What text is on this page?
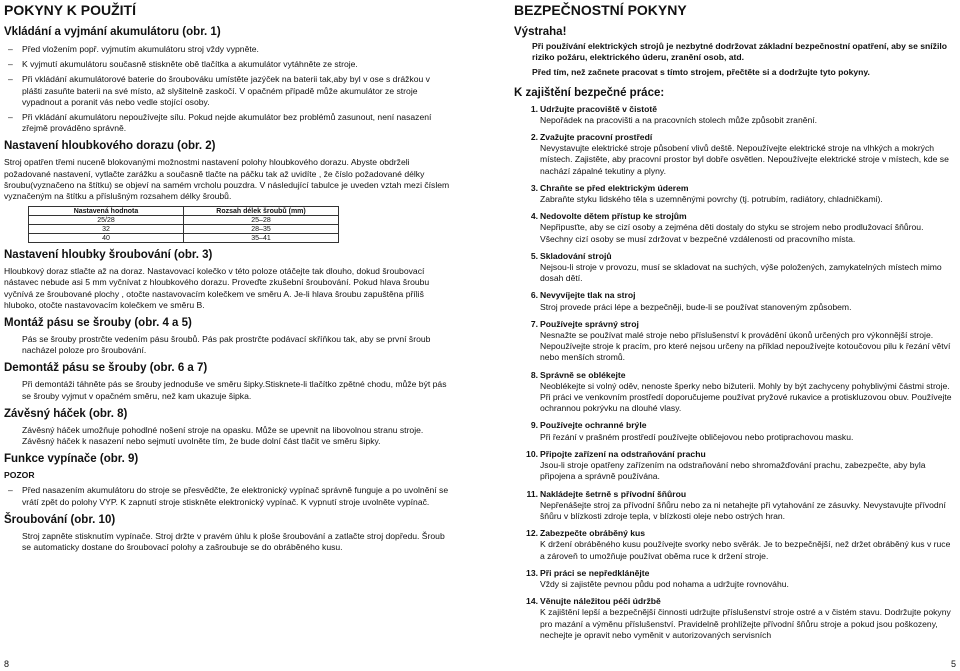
POKYNY K POUŽITÍ
Vkládání a vyjmání akumulátoru (obr. 1)
– Před vložením popř. vyjmutím akumulátoru stroj vždy vypněte.
– K vyjmutí akumulátoru současně stiskněte obě tlačítka a akumulátor vytáhněte ze stroje.
– Při vkládání akumulátorové baterie do šroubováku umístěte jazýček na baterii tak,aby byl v ose s drážkou v plášti zasuňte baterii na své místo, až slyšitelně zaskočí. V opačném případě může akumulátor ze stroje vypadnout a poranit vás nebo vedle stojící osoby.
– Při vkládání akumulátoru nepoužívejte sílu. Pokud nejde akumulátor bez problémů zasunout, není nasazení zřejmě prováděno správně.
Nastavení hloubkového dorazu (obr. 2)
Stroj opatřen třemi nuceně blokovanými možnostmi nastavení polohy hloubkového dorazu. Abyste obdrželi požadované nastavení, vytlačte zarážku a současně tlačte na páčku tak až uvidíte , že číslo požadované délky šroubu(vyznačeno na štítku) se objeví na samém vrcholu pouzdra. V následující tabulce je uveden vztah mezi číslem vyznačeným na štítku a příslušným rozsahem délky šroubů.
Nastavená hodnota	Rozsah délek šroubů (mm)
25/28	25–28
32	28–35
40	35–41
Nastavení hloubky šroubování (obr. 3)
Hloubkový doraz stlačte až na doraz. Nastavovací kolečko v této poloze otáčejte tak dlouho, dokud šroubovací nástavec nebude asi 5 mm vyčnívat z hloubkového dorazu. Proveďte zkušební šroubování. Pokud hlava šroubu vyčnívá ze šroubované plochy , otočte nastavovacím kolečkem ve směru A. Je-li hlava šroubu zapuštěna příliš hluboko, otočte nastavovacím kolečkem ve směru B.
Montáž pásu se šrouby (obr. 4 a 5)
Pás se šrouby prostrčte vedením pásu šroubů. Pás pak prostrčte podávací skříňkou tak, aby se první šroub nacházel poloze pro šroubování.
Demontáž pásu se šrouby (obr. 6 a 7)
Při demontáži táhněte pás se šrouby jednoduše ve směru šipky.Stisknete-li tlačítko zpětné chodu, může být pás se šrouby vyjmut v opačném směru, než kam ukazuje šipka.
Závěsný háček (obr. 8)
Závěsný háček umožňuje pohodlné nošení stroje na opasku. Může se upevnit na libovolnou stranu stroje. Závěsný háček k nasazení nebo sejmutí uvolněte tím, že bude dolní část tlačit ve směru šipky.
Funkce vypínače (obr. 9)
POZOR
– Před nasazením akumulátoru do stroje se přesvědčte, že elektronický vypínač správně funguje a po uvolnění se vrátí zpět do polohy VYP. K zapnutí stroje stiskněte elektronický vypínač. K vypnutí stroje uvolněte vypínač.
Šroubování (obr. 10)
Stroj zapněte stisknutím vypínače. Stroj držte v pravém úhlu k ploše šroubování a zatlačte stroj dopředu. Šroub se automaticky dostane do šroubovací polohy a zašroubuje se do obráběného kusu.
BEZPEČNOSTNÍ POKYNY
Výstraha!
Při používání elektrických strojů je nezbytné dodržovat základní bezpečnostní opatření, aby se snížilo riziko požáru, elektrického úderu, zranění osob, atd.
Před tím, než začnete pracovat s tímto strojem, přečtěte si a dodržujte tyto pokyny.
K zajištění bezpečné práce:
1. Udržujte pracoviště v čistotě
Nepořádek na pracovišti a na pracovních stolech může způsobit zranění.
2. Zvažujte pracovní prostředí
Nevystavujte elektrické stroje působení vlivů deště. Nepoužívejte elektrické stroje na vlhkých a mokrých místech. Zajistěte, aby pracovní prostor byl dobře osvětlen. Nepoužívejte elektrické stroje v místech, kde se nachází zápalné tekutiny a plyny.
3. Chraňte se před elektrickým úderem
Zabraňte styku lidského těla s uzemněnými povrchy (tj. potrubím, radiátory, chladničkami).
4. Nedovolte dětem přístup ke strojům
Nepřipusťte, aby se cizí osoby a zejména děti dostaly do styku se strojem nebo prodlužovací šňůrou. Všechny cizí osoby se musí zdržovat v bezpečné vzdálenosti od pracovního místa.
5. Skladování strojů
Nejsou-li stroje v provozu, musí se skladovat na suchých, výše položených, zamykatelných místech mimo dosah dětí.
6. Nevyvíjejte tlak na stroj
Stroj provede práci lépe a bezpečněji, bude-li se používat stanoveným způsobem.
7. Používejte správný stroj
Nesnažte se používat malé stroje nebo příslušenství k provádění úkonů určených pro výkonnější stroje. Nepoužívejte stroje k pracím, pro které nejsou určeny na příklad nepoužívejte kotoučovou pilu k řezání větví nebo menších stromů.
8. Správně se oblékejte
Neoblékejte si volný oděv, nenoste šperky nebo bižuterii. Mohly by být zachyceny pohyblivými částmi stroje. Při práci ve venkovním prostředí doporučujeme používat pryžové rukavice a protiskluzovou obuv. Používejte ochrannou pokrývku na dlouhé vlasy.
9. Používejte ochranné brýle
Při řezání v prašném prostředí používejte obličejovou nebo protiprachovou masku.
10. Připojte zařízení na odstraňování prachu
Jsou-li stroje opatřeny zařízením na odstraňování nebo shromažďování prachu, zabezpečte, aby byla připojena a správně používána.
11. Nakládejte šetrně s přívodní šňůrou
Nepřenášejte stroj za přívodní šňůru nebo za ni netahejte při vytahování ze zásuvky. Nevystavujte přívodní šňůru v blízkosti zdroje tepla, v blízkosti oleje nebo ostrých hran.
12. Zabezpečte obráběný kus
K držení obráběného kusu používejte svorky nebo svěrák. Je to bezpečnější, než držet obráběný kus v ruce a zároveň to umožňuje používat oběma ruce k držení stroje.
13. Při práci se nepředklánějte
Vždy si zajistěte pevnou půdu pod nohama a udržujte rovnováhu.
14. Věnujte náležitou péči údržbě
K zajištění lepší a bezpečnější činnosti udržujte příslušenství stroje ostré a v čistém stavu. Dodržujte pokyny pro mazání a výměnu příslušenství. Pravidelně prohlížejte přívodní šňůru stroje a pokud jsou poškozeny, nechejte je opravit nebo vyměnit v autorizovaných servisních
8	5
